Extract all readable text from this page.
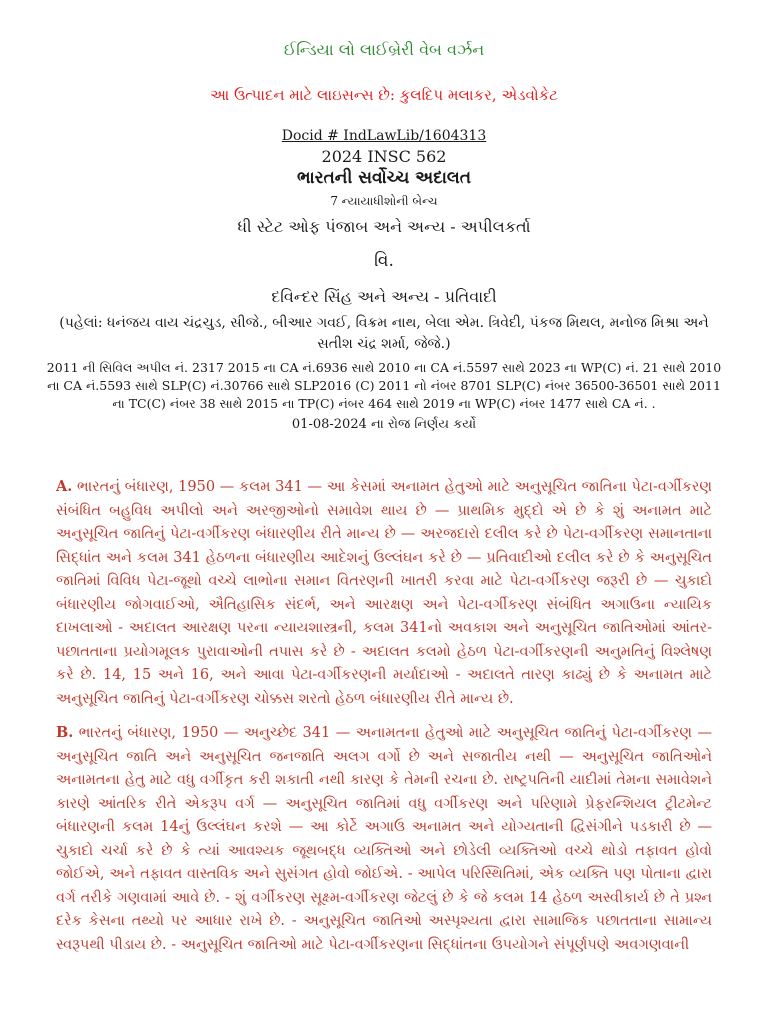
ઈન્ડિયા લો લાઈબ્રેરી વેબ વર્ઝન
આ ઉત્પાદન માટે લાઇસન્સ છે: કુલદિપ મલાકર, એડવોકેટ
Docid # IndLawLib/1604313
2024 INSC 562
ભારતની સર્વોચ્ચ અદાલત
7 ન્યાયાધીશોની બેન્ચ
ધી સ્ટેટ ઓફ પંજાબ અને અન્ય - અપીલકર્તા
વિ.
દવિન્દર સિંહ અને અન્ય - પ્રતિવાદી
(પહેલાં: ધનંજય વાય ચંદ્રચુડ, સીજે., બીઆર ગવઈ, વિક્રમ નાથ, બેલા એમ. ત્રિવેદી, પંકજ મિથલ, મનોજ મિશ્રા અને સતીશ ચંદ્ર શર્મા, જેજે.)
2011 ની સિવિલ અપીલ નં. 2317 2015 ના CA નં.6936 સાથે 2010 ના CA નં.5597 સાથે 2023 ના WP(C) નં. 21 સાથે 2010 ના CA નં.5593 સાથે SLP(C) નં.30766 સાથે SLP2016 (C) 2011 નો નંબર 8701 SLP(C) નંબર 36500-36501 સાથે 2011 ના TC(C) નંબર 38 સાથે 2015 ના TP(C) નંબર 464 સાથે 2019 ના WP(C) નંબર 1477 સાથે CA નં. .
01-08-2024 ના રોજ નિર્ણય કર્યો

A. ભારતનું બંધારણ, 1950 — કલમ 341 — આ કેસમાં અનામત હેતુઓ માટે અનુસૂચિત જાતિના પેટા-વર્ગીકરણ સંબંધિત બહુવિધ અપીલો અને અરજીઓનો સમાવેશ થાય છે — પ્રાથમિક મુદ્દો એ છે કે શું અનામત માટે અનુસૂચિત જાતિનું પેટા-વર્ગીકરણ બંધારણીય રીતે માન્ય છે — અરજદારો દલીલ કરે છે પેટા-વર્ગીકરણ સમાનતાના સિદ્ધાંત અને કલમ 341 હેઠળના બંધારણીય આદેશનું ઉલ્લંઘન કરે છે — પ્રતિવાદીઓ દલીલ કરે છે કે અનુસૂચિત જાતિમાં વિવિધ પેટા-જૂથો વચ્ચે લાભોના સમાન વિતરણની ખાતરી કરવા માટે પેટા-વર્ગીકરણ જરૂરી છે — ચુકાદો બંધારણીય જોગવાઈઓ, ઐતિહાસિક સંદર્ભ, અને આરક્ષણ અને પેટા-વર્ગીકરણ સંબંધિત અગાઉના ન્યાયિક દાખલાઓ - અદાલત આરક્ષણ પરના ન્યાયશાસ્ત્રની, કલમ 341નો અવકાશ અને અનુસૂચિત જાતિઓમાં આંતર-પછાતતાના પ્રયોગમૂલક પુરાવાઓની તપાસ કરે છે - અદાલત કલમો હેઠળ પેટા-વર્ગીકરણની અનુમતિનું વિશ્લેષણ કરે છે. 14, 15 અને 16, અને આવા પેટા-વર્ગીકરણની મર્યાદાઓ - અદાલતે તારણ કાઢ્યું છે કે અનામત માટે અનુસૂચિત જાતિનું પેટા-વર્ગીકરણ ચોક્કસ શરતો હેઠળ બંધારણીય રીતે માન્ય છે.

B. ભારતનું બંધારણ, 1950 — અનુચ્છેદ 341 — અનામતના હેતુઓ માટે અનુસૂચિત જાતિનું પેટા-વર્ગીકરણ — અનુસૂચિત જાતિ અને અનુસૂચિત જનજાતિ અલગ વર્ગો છે અને સજાતીય નથી — અનુસૂચિત જાતિઓને અનામતના હેતુ માટે વધુ વર્ગીકૃત કરી શકાતી નથી કારણ કે તેમની રચના છે. રાષ્ટ્રપતિની યાદીમાં તેમના સમાવેશને કારણે આંતરિક રીતે એકરૂપ વર્ગ — અનુસૂચિત જાતિમાં વધુ વર્ગીકરણ અને પરિણામે પ્રેફરન્શિયલ ટ્રીટમેન્ટ બંધારણની કલમ 14નું ઉલ્લંઘન કરશે — આ કોર્ટે અગાઉ અનામત અને યોગ્યતાની દ્વિસંગીને પડકારી છે — ચુકાદો ચર્ચા કરે છે કે ત્યાં આવશ્યક જૂથબદ્ધ વ્યક્તિઓ અને છોડેલી વ્યક્તિઓ વચ્ચે થોડો તફાવત હોવો જોઈએ, અને તફાવત વાસ્તવિક અને સુસંગત હોવો જોઈએ. - આપેલ પરિસ્થિતિમાં, એક વ્યક્તિ પણ પોતાના દ્વારા વર્ગ તરીકે ગણવામાં આવે છે. - શું વર્ગીકરણ સૂક્ષ્મ-વર્ગીકરણ જેટલું છે કે જે કલમ 14 હેઠળ અસ્વીકાર્ય છે તે પ્રશ્ન દરેક કેસના તથ્યો પર આધાર રાખે છે. - અનુસૂચિત જાતિઓ અસ્પૃશ્યતા દ્વારા સામાજિક પછાતતાના સામાન્ય સ્વરૂપથી પીડાય છે. - અનુસૂચિત જાતિઓ માટે પેટા-વર્ગીકરણના સિદ્ધાંતના ઉપયોગને સંપૂર્ણપણે અવગણવાની
